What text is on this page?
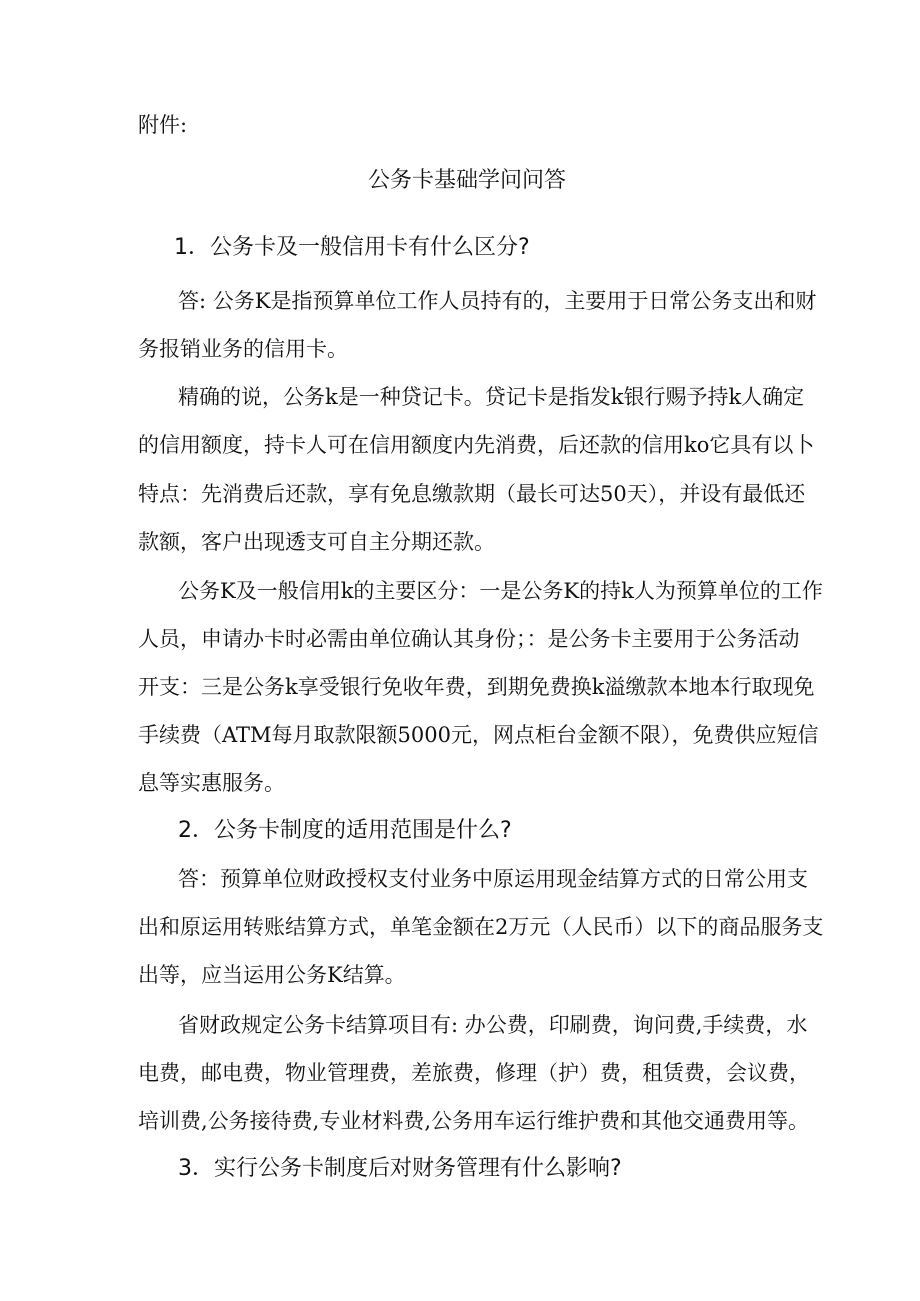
附件:
公务卡基础学问问答
1．公务卡及一般信用卡有什么区分?
答: 公务K是指预算单位工作人员持有的，主要用于日常公务支出和财
务报销业务的信用卡。
精确的说，公务k是一种贷记卡。贷记卡是指发k银行赐予持k人确定
的信用额度，持卡人可在信用额度内先消费，后还款的信用ko它具有以卜
特点：先消费后还款，享有免息缴款期（最长可达50天），并设有最低还
款额，客户出现透支可自主分期还款。
公务K及一般信用k的主要区分：一是公务K的持k人为预算单位的工作
人员，申请办卡时必需由单位确认其身份；：是公务卡主要用于公务活动
开支：三是公务k享受银行免收年费，到期免费换k溢缴款本地本行取现免
手续费（ATM每月取款限额5000元，网点柜台金额不限），免费供应短信
息等实惠服务。
2．公务卡制度的适用范围是什么?
答：预算单位财政授权支付业务中原运用现金结算方式的日常公用支
出和原运用转账结算方式，单笔金额在2万元（人民币）以下的商品服务支
出等，应当运用公务K结算。
省财政规定公务卡结算项目有: 办公费，印刷费，询问费,手续费，水
电费，邮电费，物业管理费，差旅费，修理（护）费，租赁费，会议费，
培训费,公务接待费,专业材料费,公务用车运行维护费和其他交通费用等。
3．实行公务卡制度后对财务管理有什么影响?
